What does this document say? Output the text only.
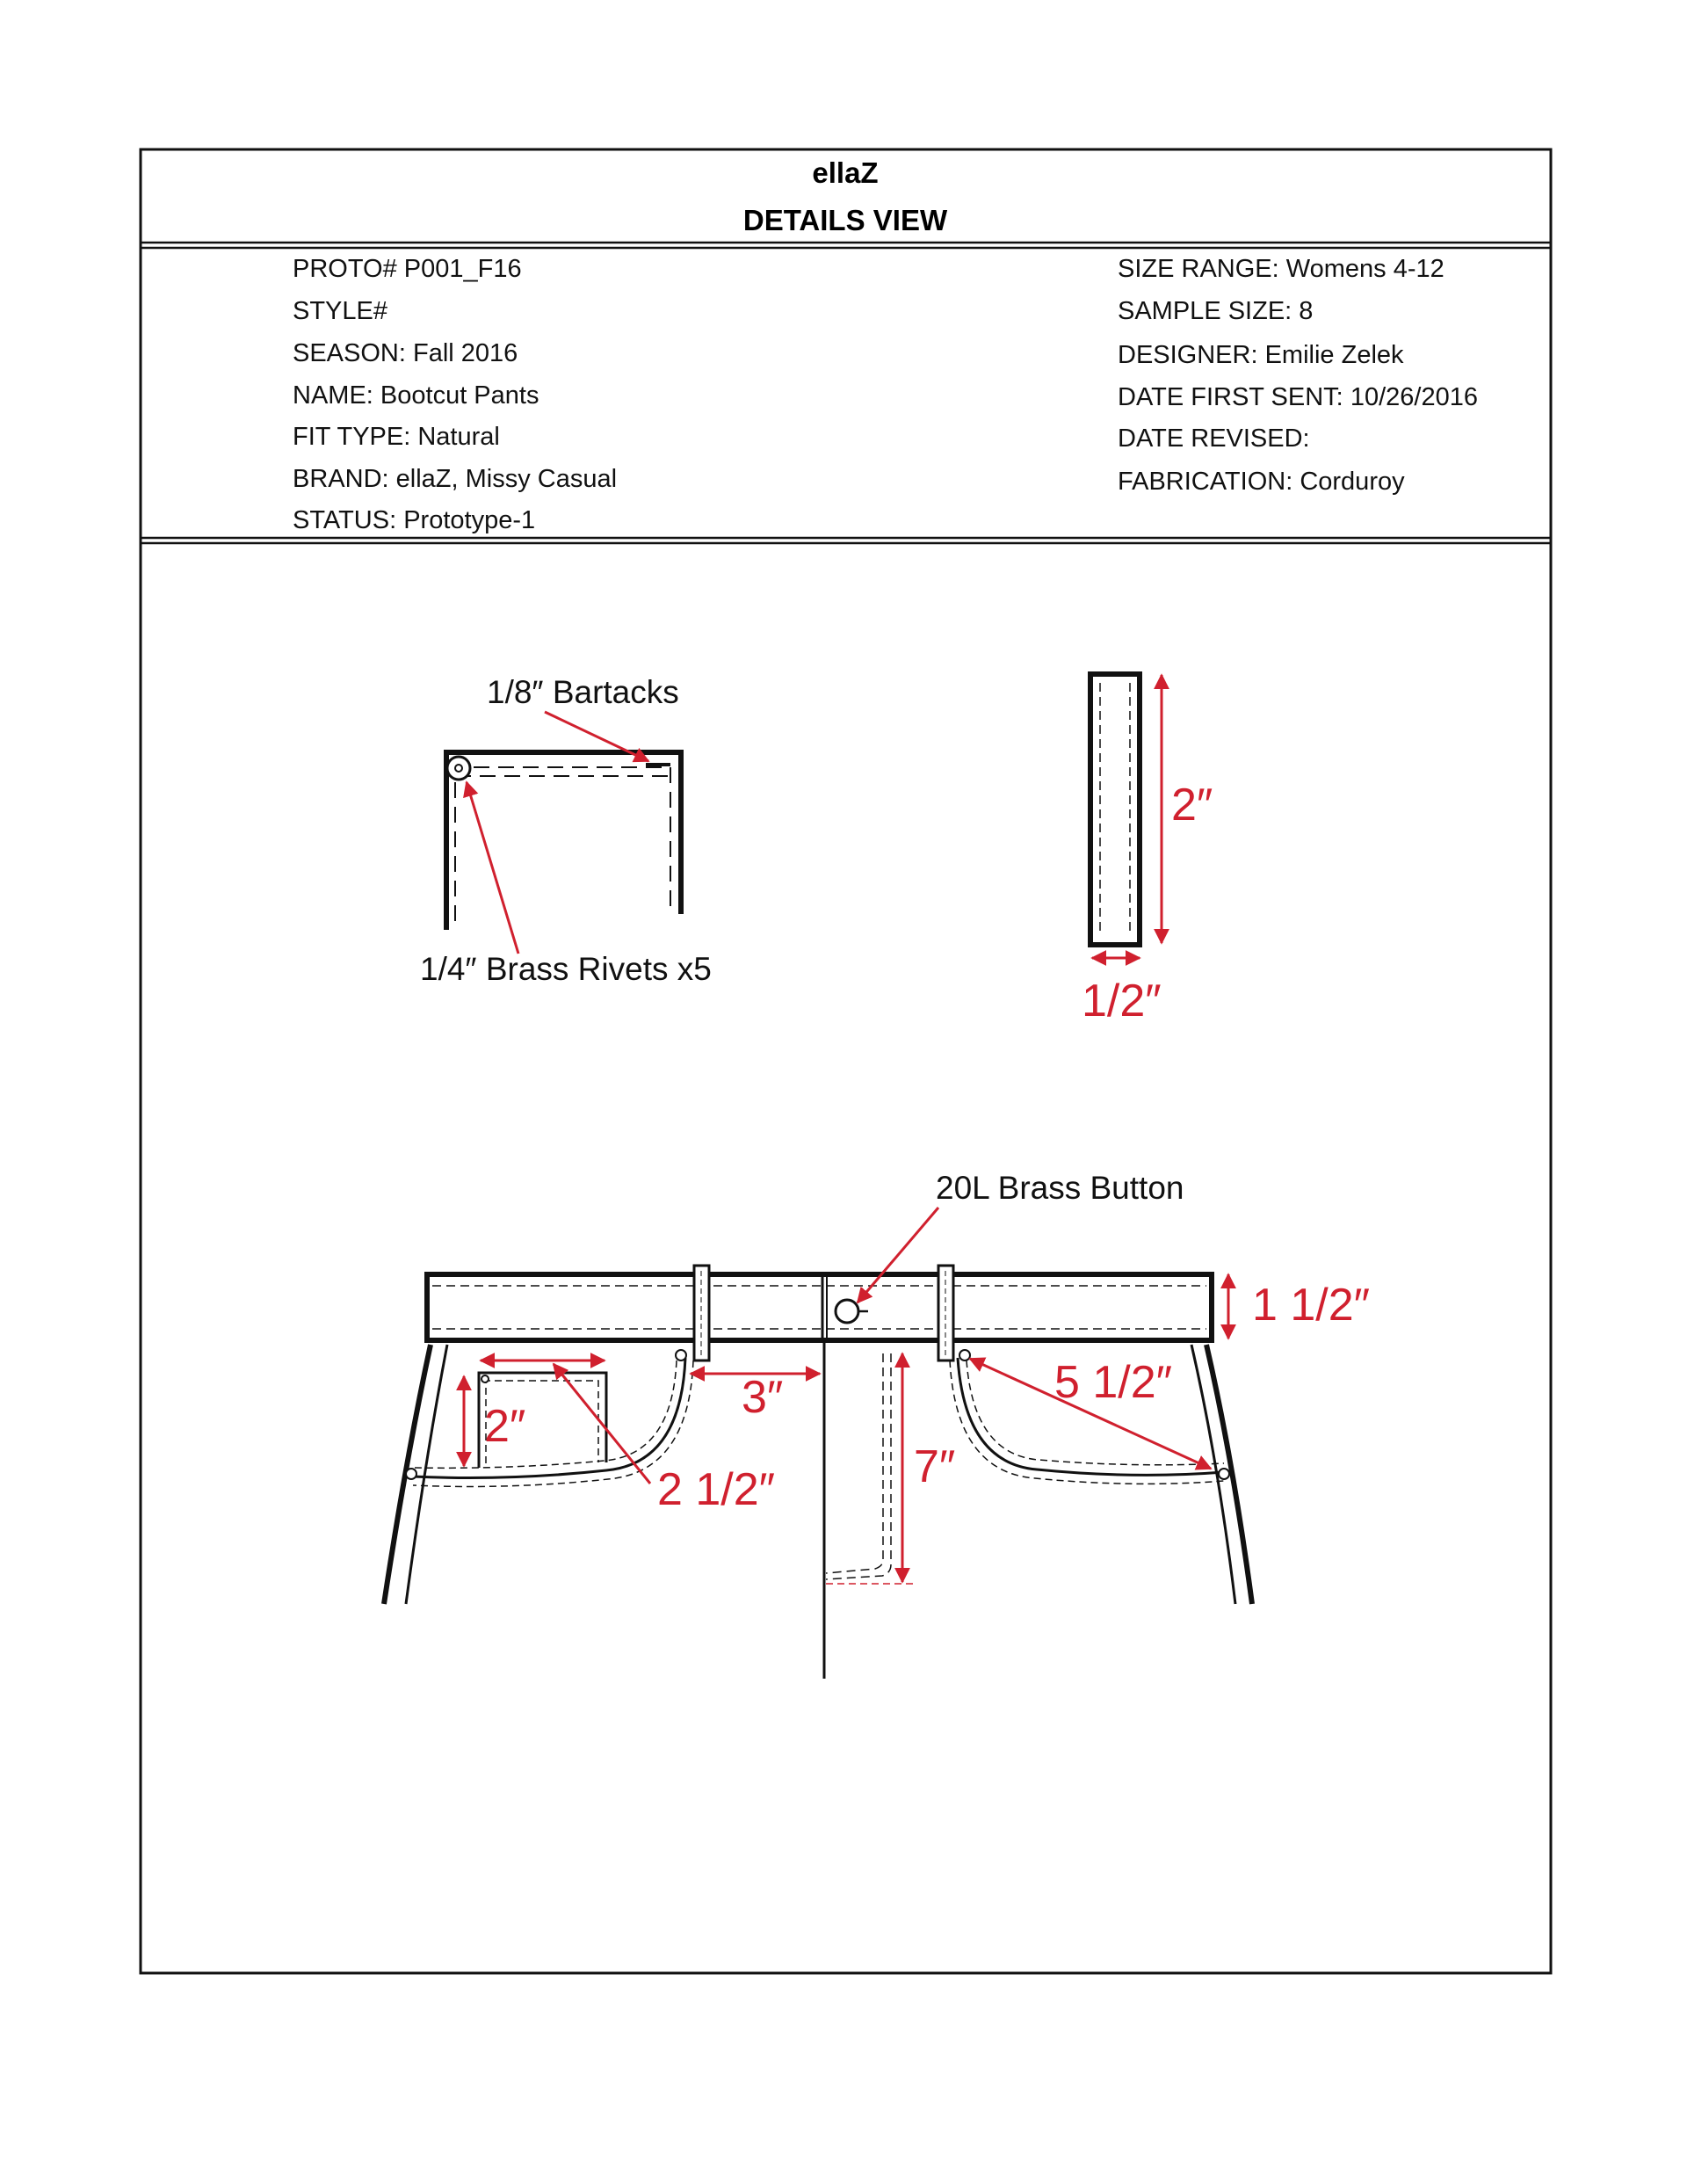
ellaZ
DETAILS VIEW
PROTO# P001_F16
STYLE#
SEASON: Fall 2016
NAME: Bootcut Pants
FIT TYPE: Natural
BRAND: ellaZ, Missy Casual
STATUS: Prototype-1
SIZE RANGE: Womens 4-12
SAMPLE SIZE: 8
DESIGNER: Emilie Zelek
DATE FIRST SENT: 10/26/2016
DATE REVISED:
FABRICATION: Corduroy
1/8″ Bartacks
1/4″ Brass Rivets x5
2″
1/2″
20L Brass Button
1 1/2″
2 1/2″
2″
3″
7″
5 1/2″
